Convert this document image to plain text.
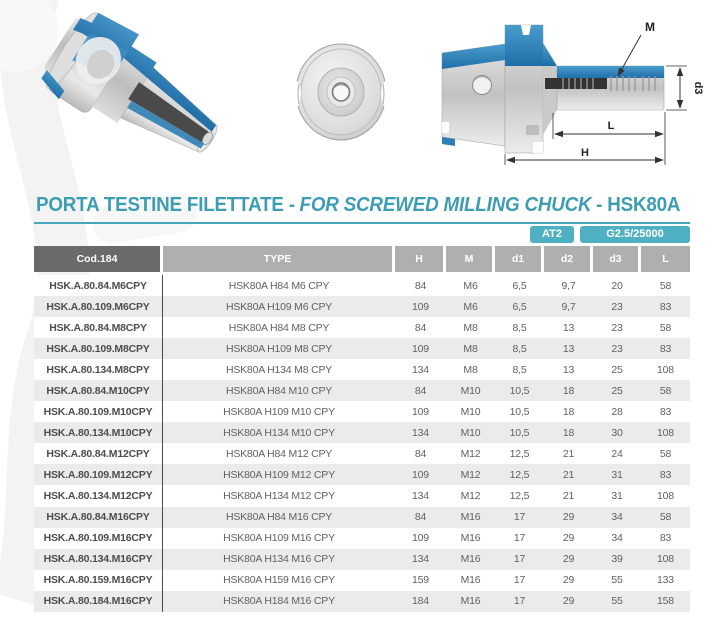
M
d3
L
H
PORTA TESTINE FILETTATE - FOR SCREWED MILLING CHUCK - HSK80A
AT2	G2.5/25000
Cod.184	TYPE	H	M	d1	d2	d3	L
HSK.A.80.84.M6CPY	HSK80A H84 M6 CPY	84	M6	6,5	9,7	20	58
HSK.A.80.109.M6CPY	HSK80A H109 M6 CPY	109	M6	6,5	9,7	23	83
HSK.A.80.84.M8CPY	HSK80A H84 M8 CPY	84	M8	8,5	13	23	58
HSK.A.80.109.M8CPY	HSK80A H109 M8 CPY	109	M8	8,5	13	23	83
HSK.A.80.134.M8CPY	HSK80A H134 M8 CPY	134	M8	8,5	13	25	108
HSK.A.80.84.M10CPY	HSK80A H84 M10 CPY	84	M10	10,5	18	25	58
HSK.A.80.109.M10CPY	HSK80A H109 M10 CPY	109	M10	10,5	18	28	83
HSK.A.80.134.M10CPY	HSK80A H134 M10 CPY	134	M10	10,5	18	30	108
HSK.A.80.84.M12CPY	HSK80A H84 M12 CPY	84	M12	12,5	21	24	58
HSK.A.80.109.M12CPY	HSK80A H109 M12 CPY	109	M12	12,5	21	31	83
HSK.A.80.134.M12CPY	HSK80A H134 M12 CPY	134	M12	12,5	21	31	108
HSK.A.80.84.M16CPY	HSK80A H84 M16 CPY	84	M16	17	29	34	58
HSK.A.80.109.M16CPY	HSK80A H109 M16 CPY	109	M16	17	29	34	83
HSK.A.80.134.M16CPY	HSK80A H134 M16 CPY	134	M16	17	29	39	108
HSK.A.80.159.M16CPY	HSK80A H159 M16 CPY	159	M16	17	29	55	133
HSK.A.80.184.M16CPY	HSK80A H184 M16 CPY	184	M16	17	29	55	158
